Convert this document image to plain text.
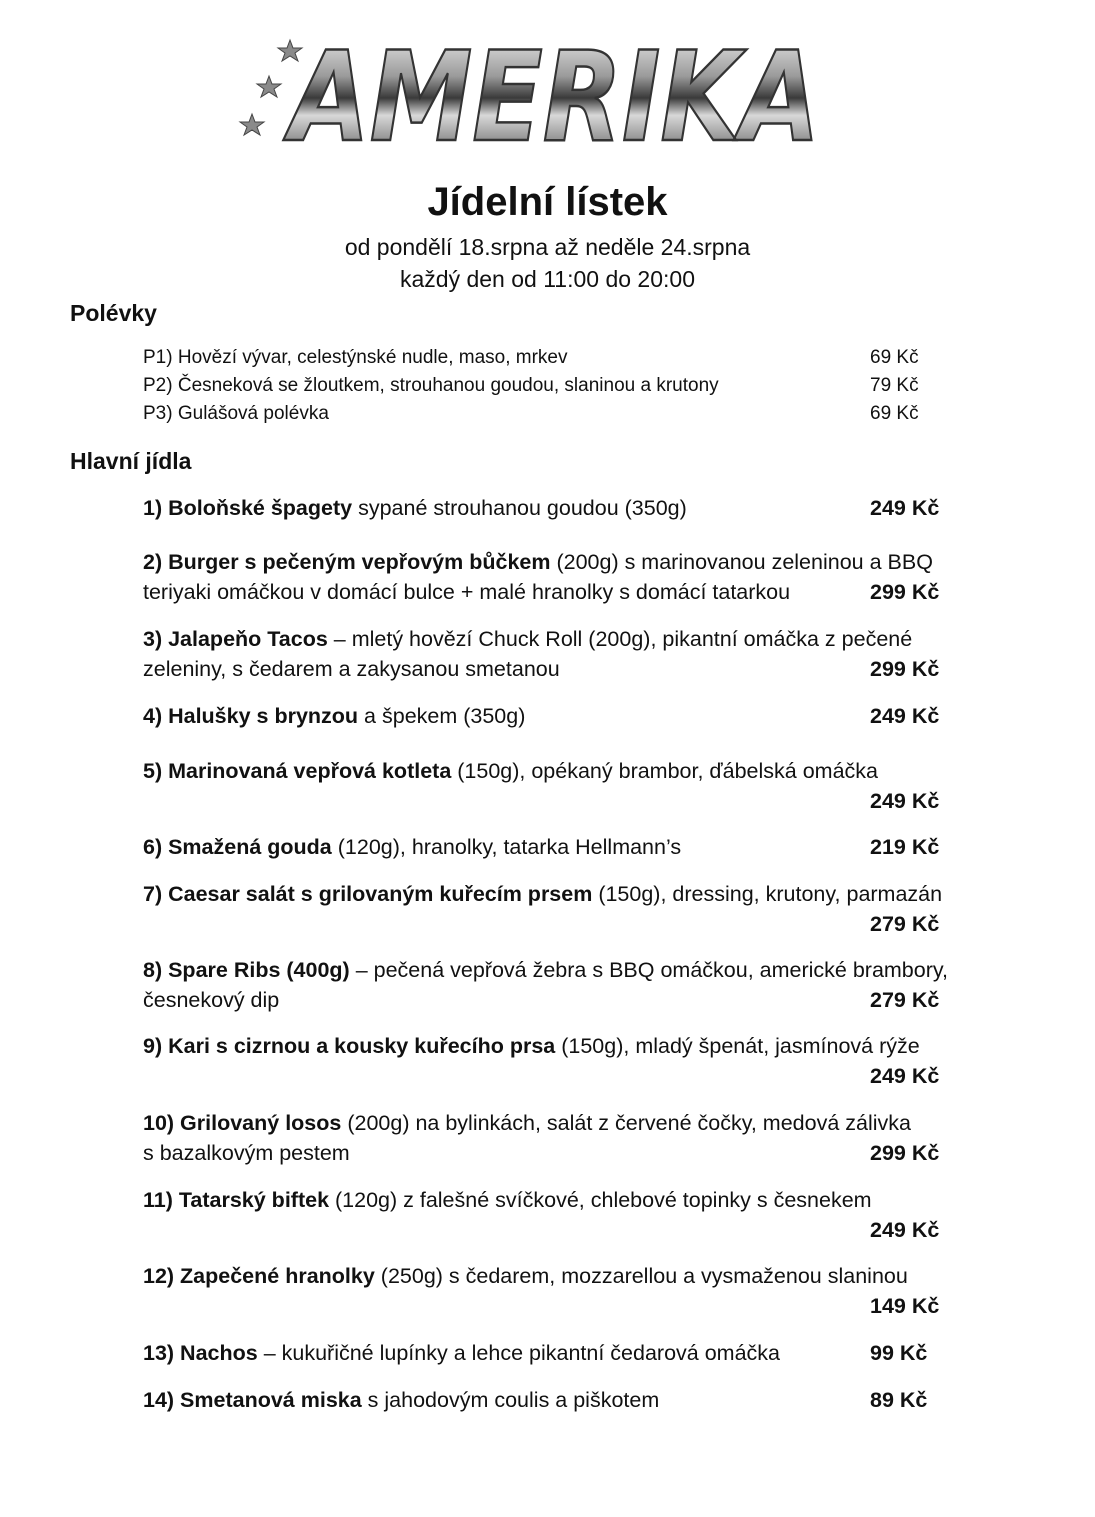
AMERIKA
Jídelní lístek
od pondělí 18.srpna až neděle 24.srpna
každý den od 11:00 do 20:00
Polévky
P1) Hovězí vývar, celestýnské nudle, maso, mrkev	69 Kč
P2) Česneková se žloutkem, strouhanou goudou, slaninou a krutony	79 Kč
P3) Gulášová polévka	69 Kč
Hlavní jídla
1) Boloňské špagety sypané strouhanou goudou (350g)	249 Kč
2) Burger s pečeným vepřovým bůčkem (200g) s marinovanou zeleninou a BBQ
teriyaki omáčkou v domácí bulce + malé hranolky s domácí tatarkou	299 Kč
3) Jalapeňo Tacos – mletý hovězí Chuck Roll (200g), pikantní omáčka z pečené
zeleniny, s čedarem a zakysanou smetanou	299 Kč
4) Halušky s brynzou a špekem (350g)	249 Kč
5) Marinovaná vepřová kotleta (150g), opékaný brambor, ďábelská omáčka
249 Kč
6) Smažená gouda (120g), hranolky, tatarka Hellmann’s	219 Kč
7) Caesar salát s grilovaným kuřecím prsem (150g), dressing, krutony, parmazán
279 Kč
8) Spare Ribs (400g) – pečená vepřová žebra s BBQ omáčkou, americké brambory,
česnekový dip	279 Kč
9) Kari s cizrnou a kousky kuřecího prsa (150g), mladý špenát, jasmínová rýže
249 Kč
10) Grilovaný losos (200g) na bylinkách, salát z červené čočky, medová zálivka
s bazalkovým pestem	299 Kč
11) Tatarský biftek (120g) z falešné svíčkové, chlebové topinky s česnekem
249 Kč
12) Zapečené hranolky (250g) s čedarem, mozzarellou a vysmaženou slaninou
149 Kč
13) Nachos – kukuřičné lupínky a lehce pikantní čedarová omáčka	99 Kč
14) Smetanová miska s jahodovým coulis a piškotem	89 Kč
